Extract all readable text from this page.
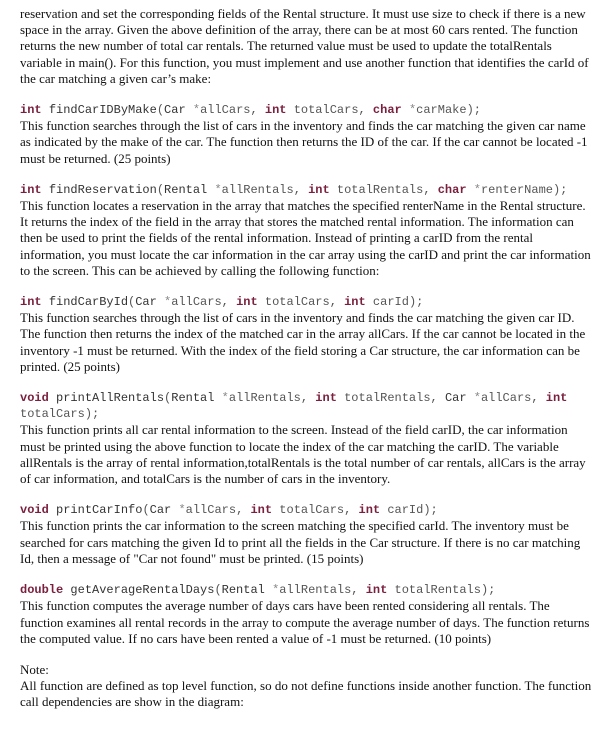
reservation and set the corresponding fields of the Rental structure. It must use size to check if there is a new space in the array. Given the above definition of the array, there can be at most 60 cars rented. The function returns the new number of total car rentals. The returned value must be used to update the totalRentals variable in main(). For this function, you must implement and use another function that identifies the carId of the car matching a given car’s make:

int findCarIDByMake(Car *allCars, int totalCars, char *carMake);

This function searches through the list of cars in the inventory and finds the car matching the given car name as indicated by the make of the car. The function then returns the ID of the car. If the car cannot be located -1 must be returned. (25 points)

int findReservation(Rental *allRentals, int totalRentals, char *renterName);

This function locates a reservation in the array that matches the specified renterName in the Rental structure. It returns the index of the field in the array that stores the matched rental information. The information can then be used to print the fields of the rental information. Instead of printing a carID from the rental information, you must locate the car information in the car array using the carID and print the car information to the screen. This can be achieved by calling the following function:

int findCarById(Car *allCars, int totalCars, int carId);

This function searches through the list of cars in the inventory and finds the car matching the given car ID. The function then returns the index of the matched car in the array allCars. If the car cannot be located in the inventory -1 must be returned. With the index of the field storing a Car structure, the car information can be printed. (25 points)

void printAllRentals(Rental *allRentals, int totalRentals, Car *allCars, int totalCars);

This function prints all car rental information to the screen. Instead of the field carID, the car information must be printed using the above function to locate the index of the car matching the carID. The variable allRentals is the array of rental information,totalRentals is the total number of car rentals, allCars is the array of car information, and totalCars is the number of cars in the inventory.

void printCarInfo(Car *allCars, int totalCars, int carId);

This function prints the car information to the screen matching the specified carId. The inventory must be searched for cars matching the given Id to print all the fields in the Car structure. If there is no car matching Id, then a message of "Car not found" must be printed. (15 points)

double getAverageRentalDays(Rental *allRentals, int totalRentals);

This function computes the average number of days cars have been rented considering all rentals. The function examines all rental records in the array to compute the average number of days. The function returns the computed value. If no cars have been rented a value of -1 must be returned. (10 points)

Note:

All function are defined as top level function, so do not define functions inside another function. The function call dependencies are show in the diagram:
